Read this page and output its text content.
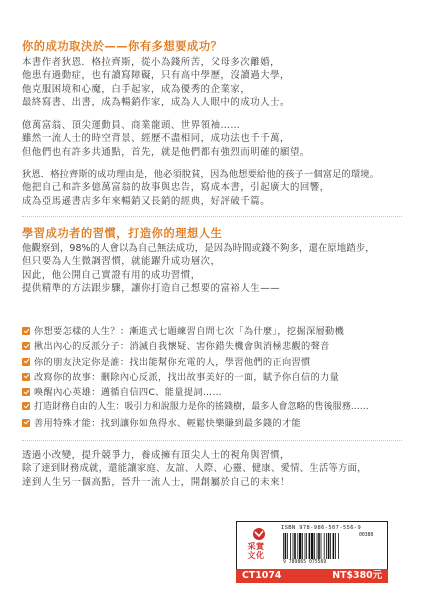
你的成功取決於——你有多想要成功？
本書作者狄恩．格拉齊斯，從小為錢所苦，父母多次離婚，
他患有過動症，也有讀寫障礙，只有高中學歷，沒讀過大學，
他克服困境和心魔，白手起家，成為優秀的企業家，
最終寫書、出書，成為暢銷作家，成為人人眼中的成功人士。
億萬富翁、頂尖運動員、商業龍頭、世界領袖……
雖然一流人士的時空背景、經歷不盡相同，成功法也千千萬，
但他們也有許多共通點，首先，就是他們都有強烈而明確的願望。
狄恩．格拉齊斯的成功理由是，他必須脫貧，因為他想要給他的孩子一個富足的環境。
他把自己和許多億萬富翁的故事與忠告，寫成本書，引起廣大的回響，
成為亞馬遜書店多年來暢銷又長銷的經典，好評破千篇。
學習成功者的習慣，打造你的理想人生
他觀察到，98%的人會以為自己無法成功，是因為時間或錢不夠多，還在原地踏步，
但只要為人生微調習慣，就能躍升成功層次，
因此，他公開自己實證有用的成功習慣，
提供精準的方法跟步驟，讓你打造自己想要的富裕人生——
你想要怎樣的人生？：漸進式七題練習自問七次「為什麼」，挖掘深層動機
揪出內心的反派分子：消滅自我懷疑、害你錯失機會與消極悲觀的聲音
你的朋友決定你是誰：找出能幫你充電的人，學習他們的正向習慣
改寫你的故事：刪除內心反派，找出故事美好的一面，賦予你自信的力量
喚醒內心英雄：邁循自信四C、能量提詞……
打造財務自由的人生：吸引力和說服力是你的搖錢樹，最多人會忽略的售後服務……
善用特殊才能：找到讓你如魚得水、輕鬆快樂賺到最多錢的才能
透過小改變，提升競爭力，養成擁有頂尖人士的視角與習慣，
除了達到財務成就，還能讓家庭、友誼、人際、心靈、健康、愛情、生活等方面，
達到人生另一個高點，晉升一流人士，開創屬於自己的未來！
采實
文化
ISBN 978-986-507-556-9
00380
9 789865 075569
CT1074	NT$380元
